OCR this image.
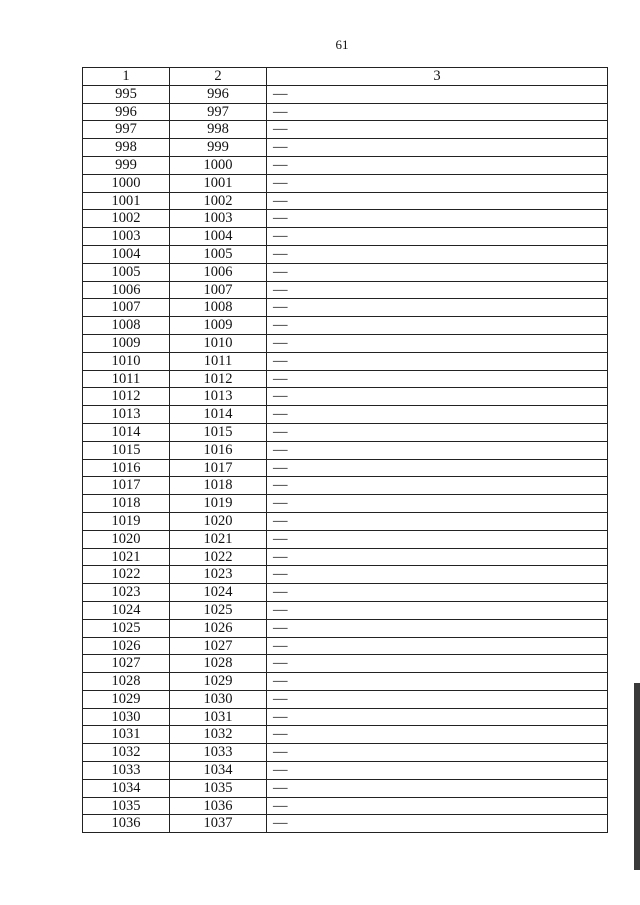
61
1	2	3
995	996	—
996	997	—
997	998	—
998	999	—
999	1000	—
1000	1001	—
1001	1002	—
1002	1003	—
1003	1004	—
1004	1005	—
1005	1006	—
1006	1007	—
1007	1008	—
1008	1009	—
1009	1010	—
1010	1011	—
1011	1012	—
1012	1013	—
1013	1014	—
1014	1015	—
1015	1016	—
1016	1017	—
1017	1018	—
1018	1019	—
1019	1020	—
1020	1021	—
1021	1022	—
1022	1023	—
1023	1024	—
1024	1025	—
1025	1026	—
1026	1027	—
1027	1028	—
1028	1029	—
1029	1030	—
1030	1031	—
1031	1032	—
1032	1033	—
1033	1034	—
1034	1035	—
1035	1036	—
1036	1037	—
